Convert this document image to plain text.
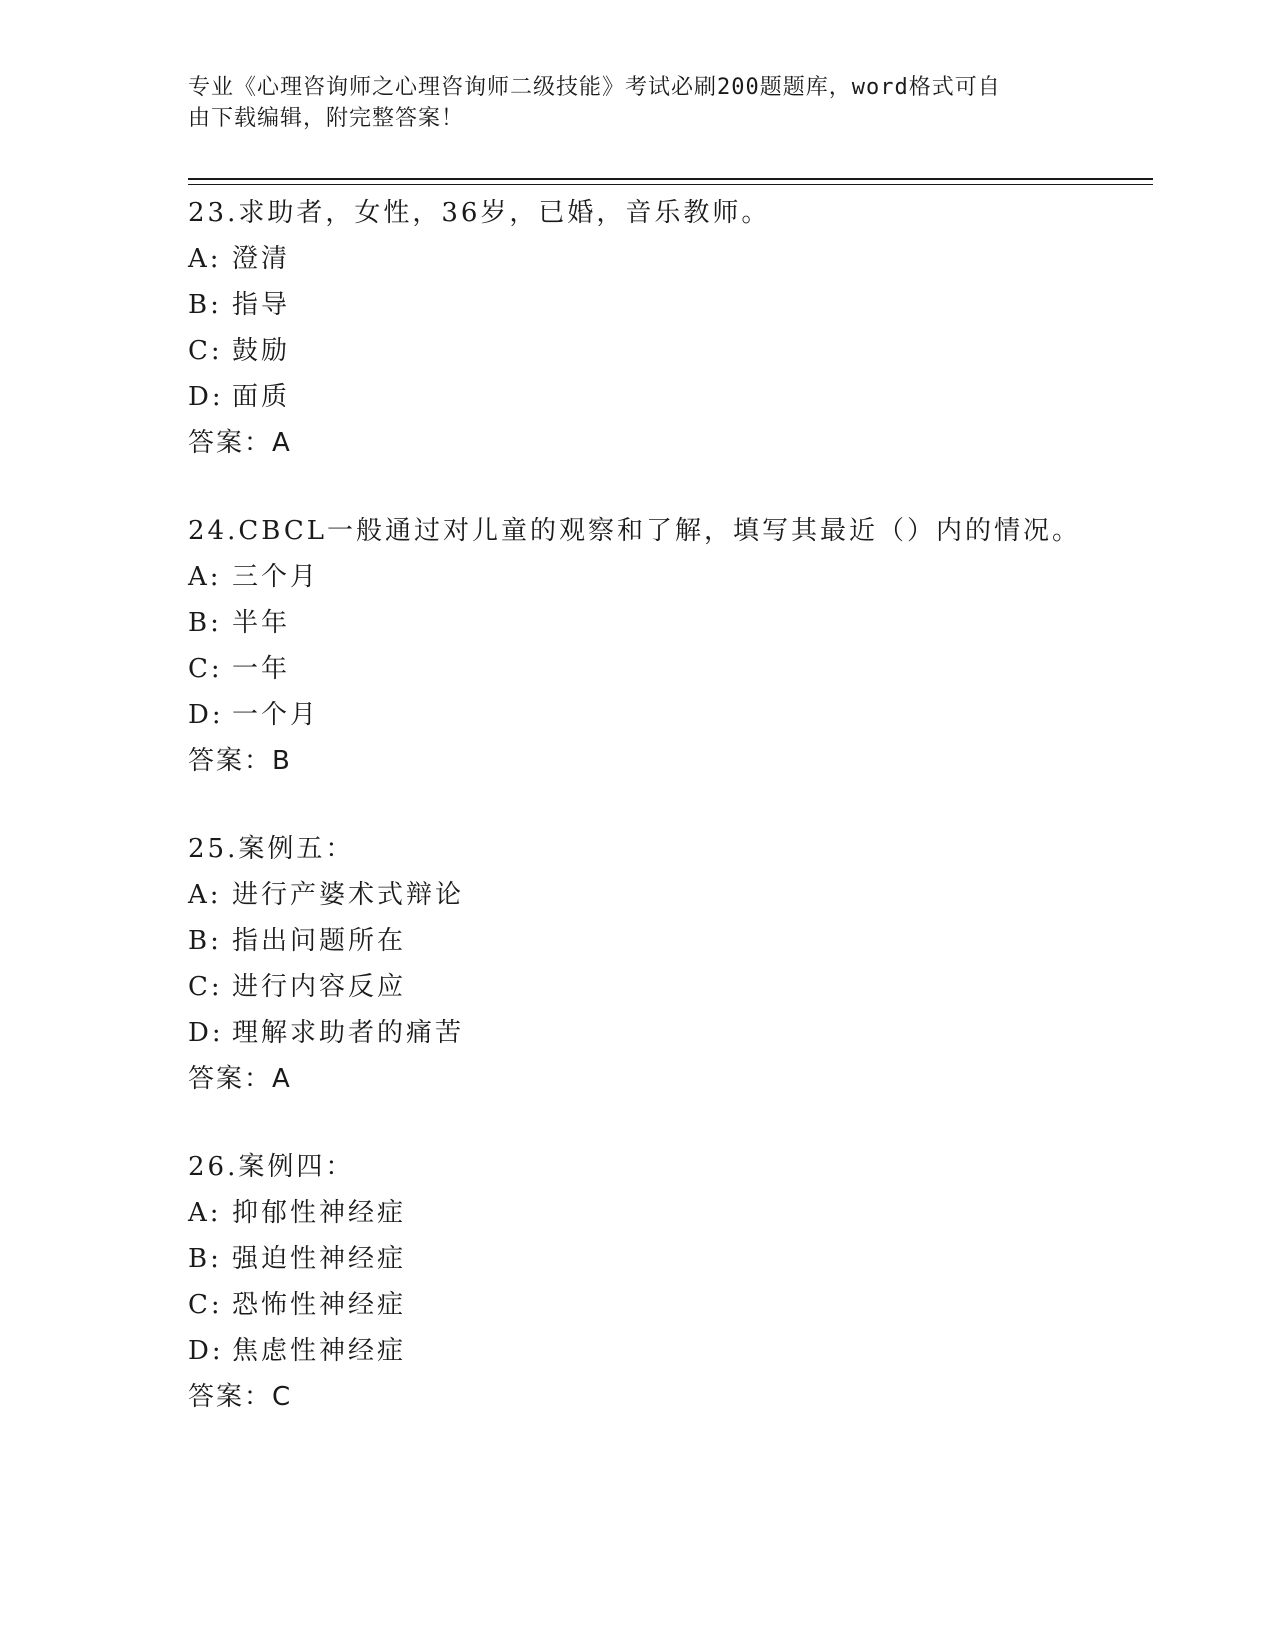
专业《心理咨询师之心理咨询师二级技能》考试必刷200题题库，word格式可自
由下载编辑，附完整答案！
23.求助者，女性，36岁，已婚，音乐教师。
A: 澄清
B: 指导
C: 鼓励
D: 面质
答案：A
24.CBCL一般通过对儿童的观察和了解，填写其最近（）内的情况。
A: 三个月
B: 半年
C: 一年
D: 一个月
答案：B
25.案例五：
A: 进行产婆术式辩论
B: 指出问题所在
C: 进行内容反应
D: 理解求助者的痛苦
答案：A
26.案例四：
A: 抑郁性神经症
B: 强迫性神经症
C: 恐怖性神经症
D: 焦虑性神经症
答案：C
